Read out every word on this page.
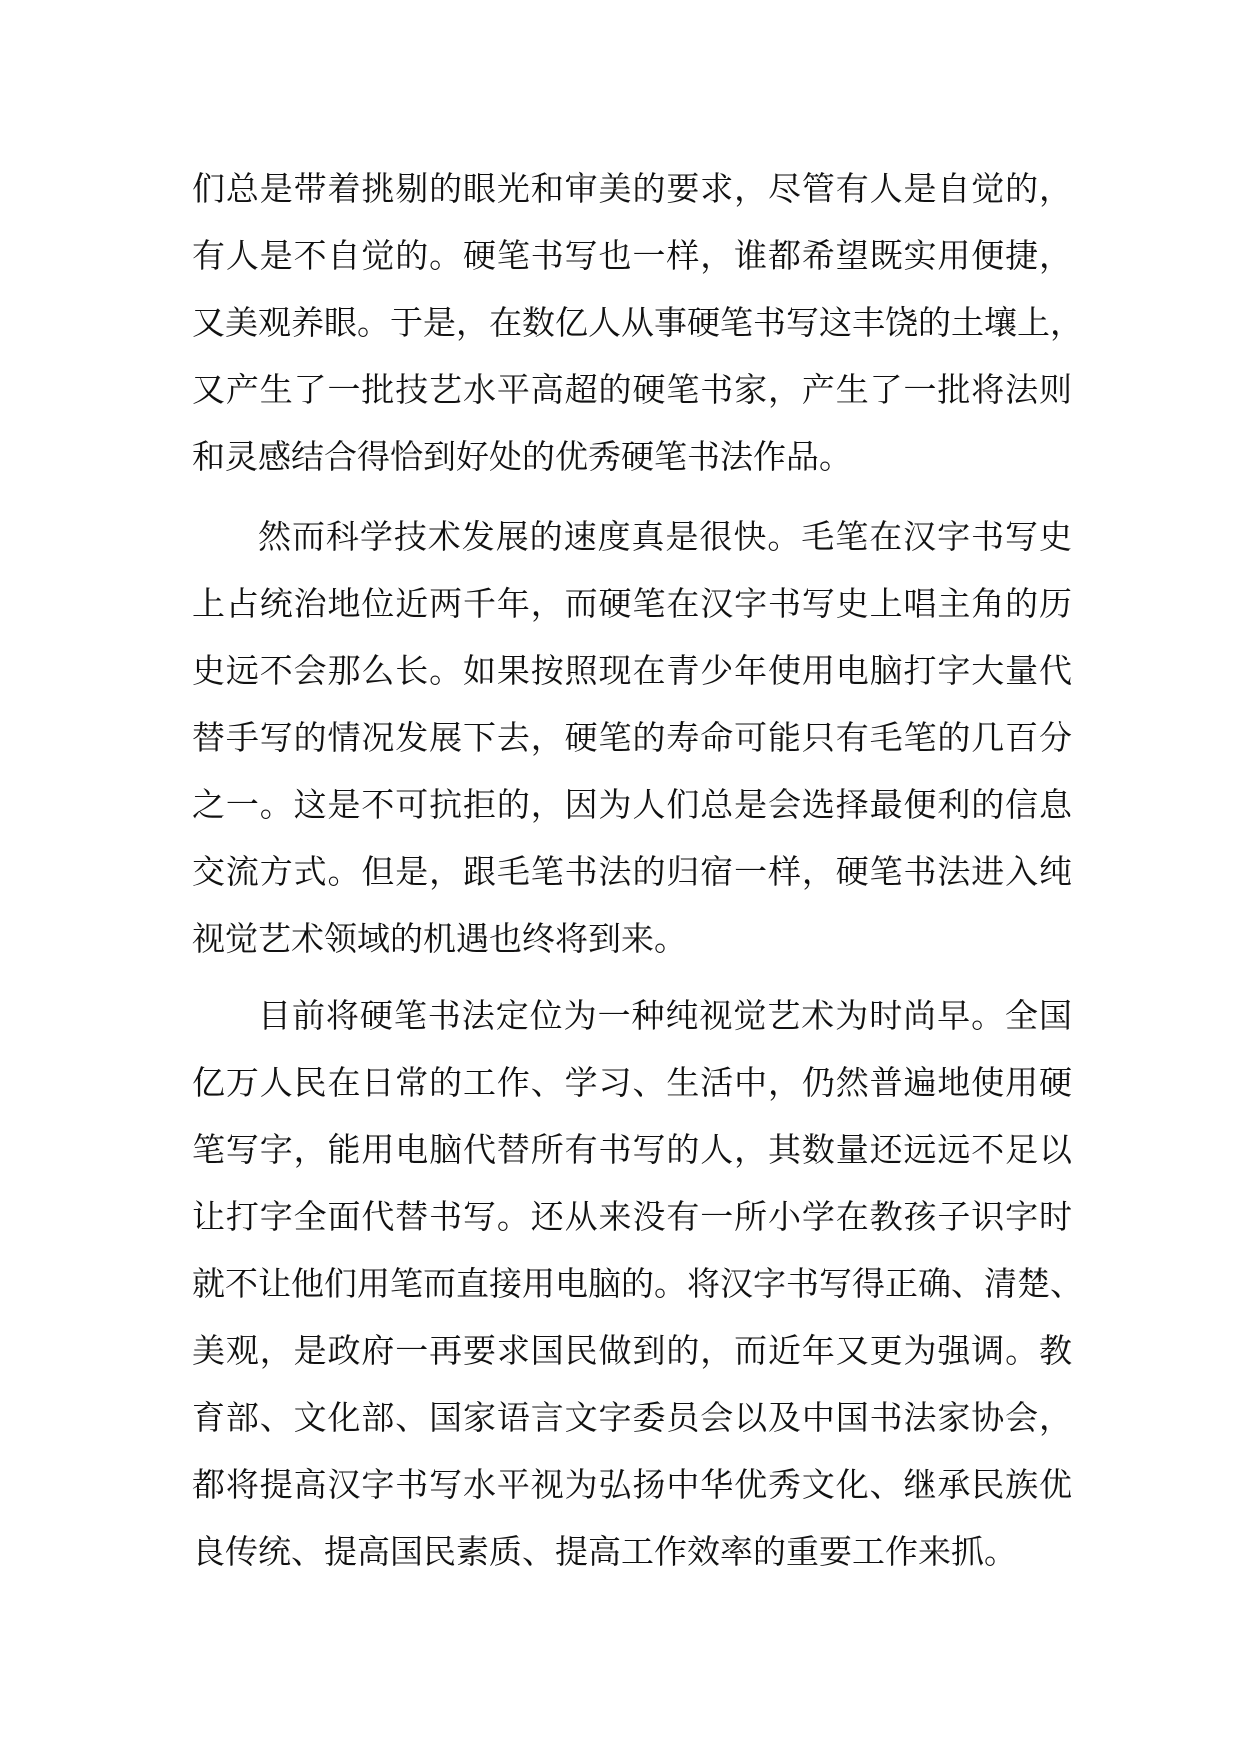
们总是带着挑剔的眼光和审美的要求，尽管有人是自觉的，
有人是不自觉的。硬笔书写也一样，谁都希望既实用便捷，
又美观养眼。于是，在数亿人从事硬笔书写这丰饶的土壤上，
又产生了一批技艺水平高超的硬笔书家，产生了一批将法则
和灵感结合得恰到好处的优秀硬笔书法作品。
然而科学技术发展的速度真是很快。毛笔在汉字书写史
上占统治地位近两千年，而硬笔在汉字书写史上唱主角的历
史远不会那么长。如果按照现在青少年使用电脑打字大量代
替手写的情况发展下去，硬笔的寿命可能只有毛笔的几百分
之一。这是不可抗拒的，因为人们总是会选择最便利的信息
交流方式。但是，跟毛笔书法的归宿一样，硬笔书法进入纯
视觉艺术领域的机遇也终将到来。
目前将硬笔书法定位为一种纯视觉艺术为时尚早。全国
亿万人民在日常的工作、学习、生活中，仍然普遍地使用硬
笔写字，能用电脑代替所有书写的人，其数量还远远不足以
让打字全面代替书写。还从来没有一所小学在教孩子识字时
就不让他们用笔而直接用电脑的。将汉字书写得正确、清楚、
美观，是政府一再要求国民做到的，而近年又更为强调。教
育部、文化部、国家语言文字委员会以及中国书法家协会，
都将提高汉字书写水平视为弘扬中华优秀文化、继承民族优
良传统、提高国民素质、提高工作效率的重要工作来抓。
